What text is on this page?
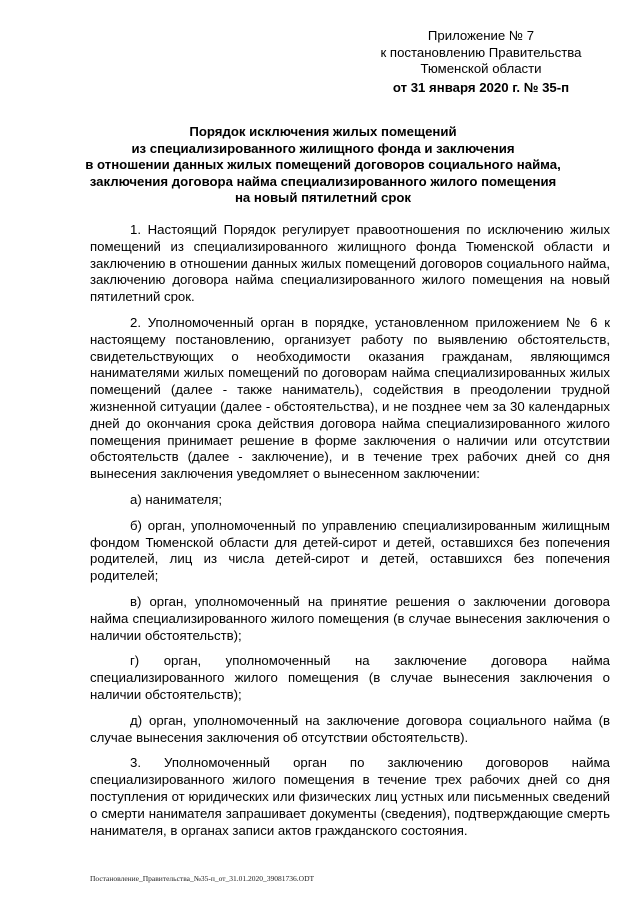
Приложение № 7
к постановлению Правительства
Тюменской области
от 31 января 2020 г. № 35-п
Порядок исключения жилых помещений
из специализированного жилищного фонда и заключения
в отношении данных жилых помещений договоров социального найма,
заключения договора найма специализированного жилого помещения
на новый пятилетний срок

1. Настоящий Порядок регулирует правоотношения по исключению жилых помещений из специализированного жилищного фонда Тюменской области и заключению в отношении данных жилых помещений договоров социального найма, заключению договора найма специализированного жилого помещения на новый пятилетний срок.

2. Уполномоченный орган в порядке, установленном приложением № 6 к настоящему постановлению, организует работу по выявлению обстоятельств, свидетельствующих о необходимости оказания гражданам, являющимся нанимателями жилых помещений по договорам найма специализированных жилых помещений (далее - также наниматель), содействия в преодолении трудной жизненной ситуации (далее - обстоятельства), и не позднее чем за 30 календарных дней до окончания срока действия договора найма специализированного жилого помещения принимает решение в форме заключения о наличии или отсутствии обстоятельств (далее - заключение), и в течение трех рабочих дней со дня вынесения заключения уведомляет о вынесенном заключении:

а) нанимателя;

б) орган, уполномоченный по управлению специализированным жилищным фондом Тюменской области для детей-сирот и детей, оставшихся без попечения родителей, лиц из числа детей-сирот и детей, оставшихся без попечения родителей;

в) орган, уполномоченный на принятие решения о заключении договора найма специализированного жилого помещения (в случае вынесения заключения о наличии обстоятельств);

г) орган, уполномоченный на заключение договора найма специализированного жилого помещения (в случае вынесения заключения о наличии обстоятельств);

д) орган, уполномоченный на заключение договора социального найма (в случае вынесения заключения об отсутствии обстоятельств).

3. Уполномоченный орган по заключению договоров найма специализированного жилого помещения в течение трех рабочих дней со дня поступления от юридических или физических лиц устных или письменных сведений о смерти нанимателя запрашивает документы (сведения), подтверждающие смерть нанимателя, в органах записи актов гражданского состояния.

Постановление_Правительства_№35-п_от_31.01.2020_39081736.ODT
